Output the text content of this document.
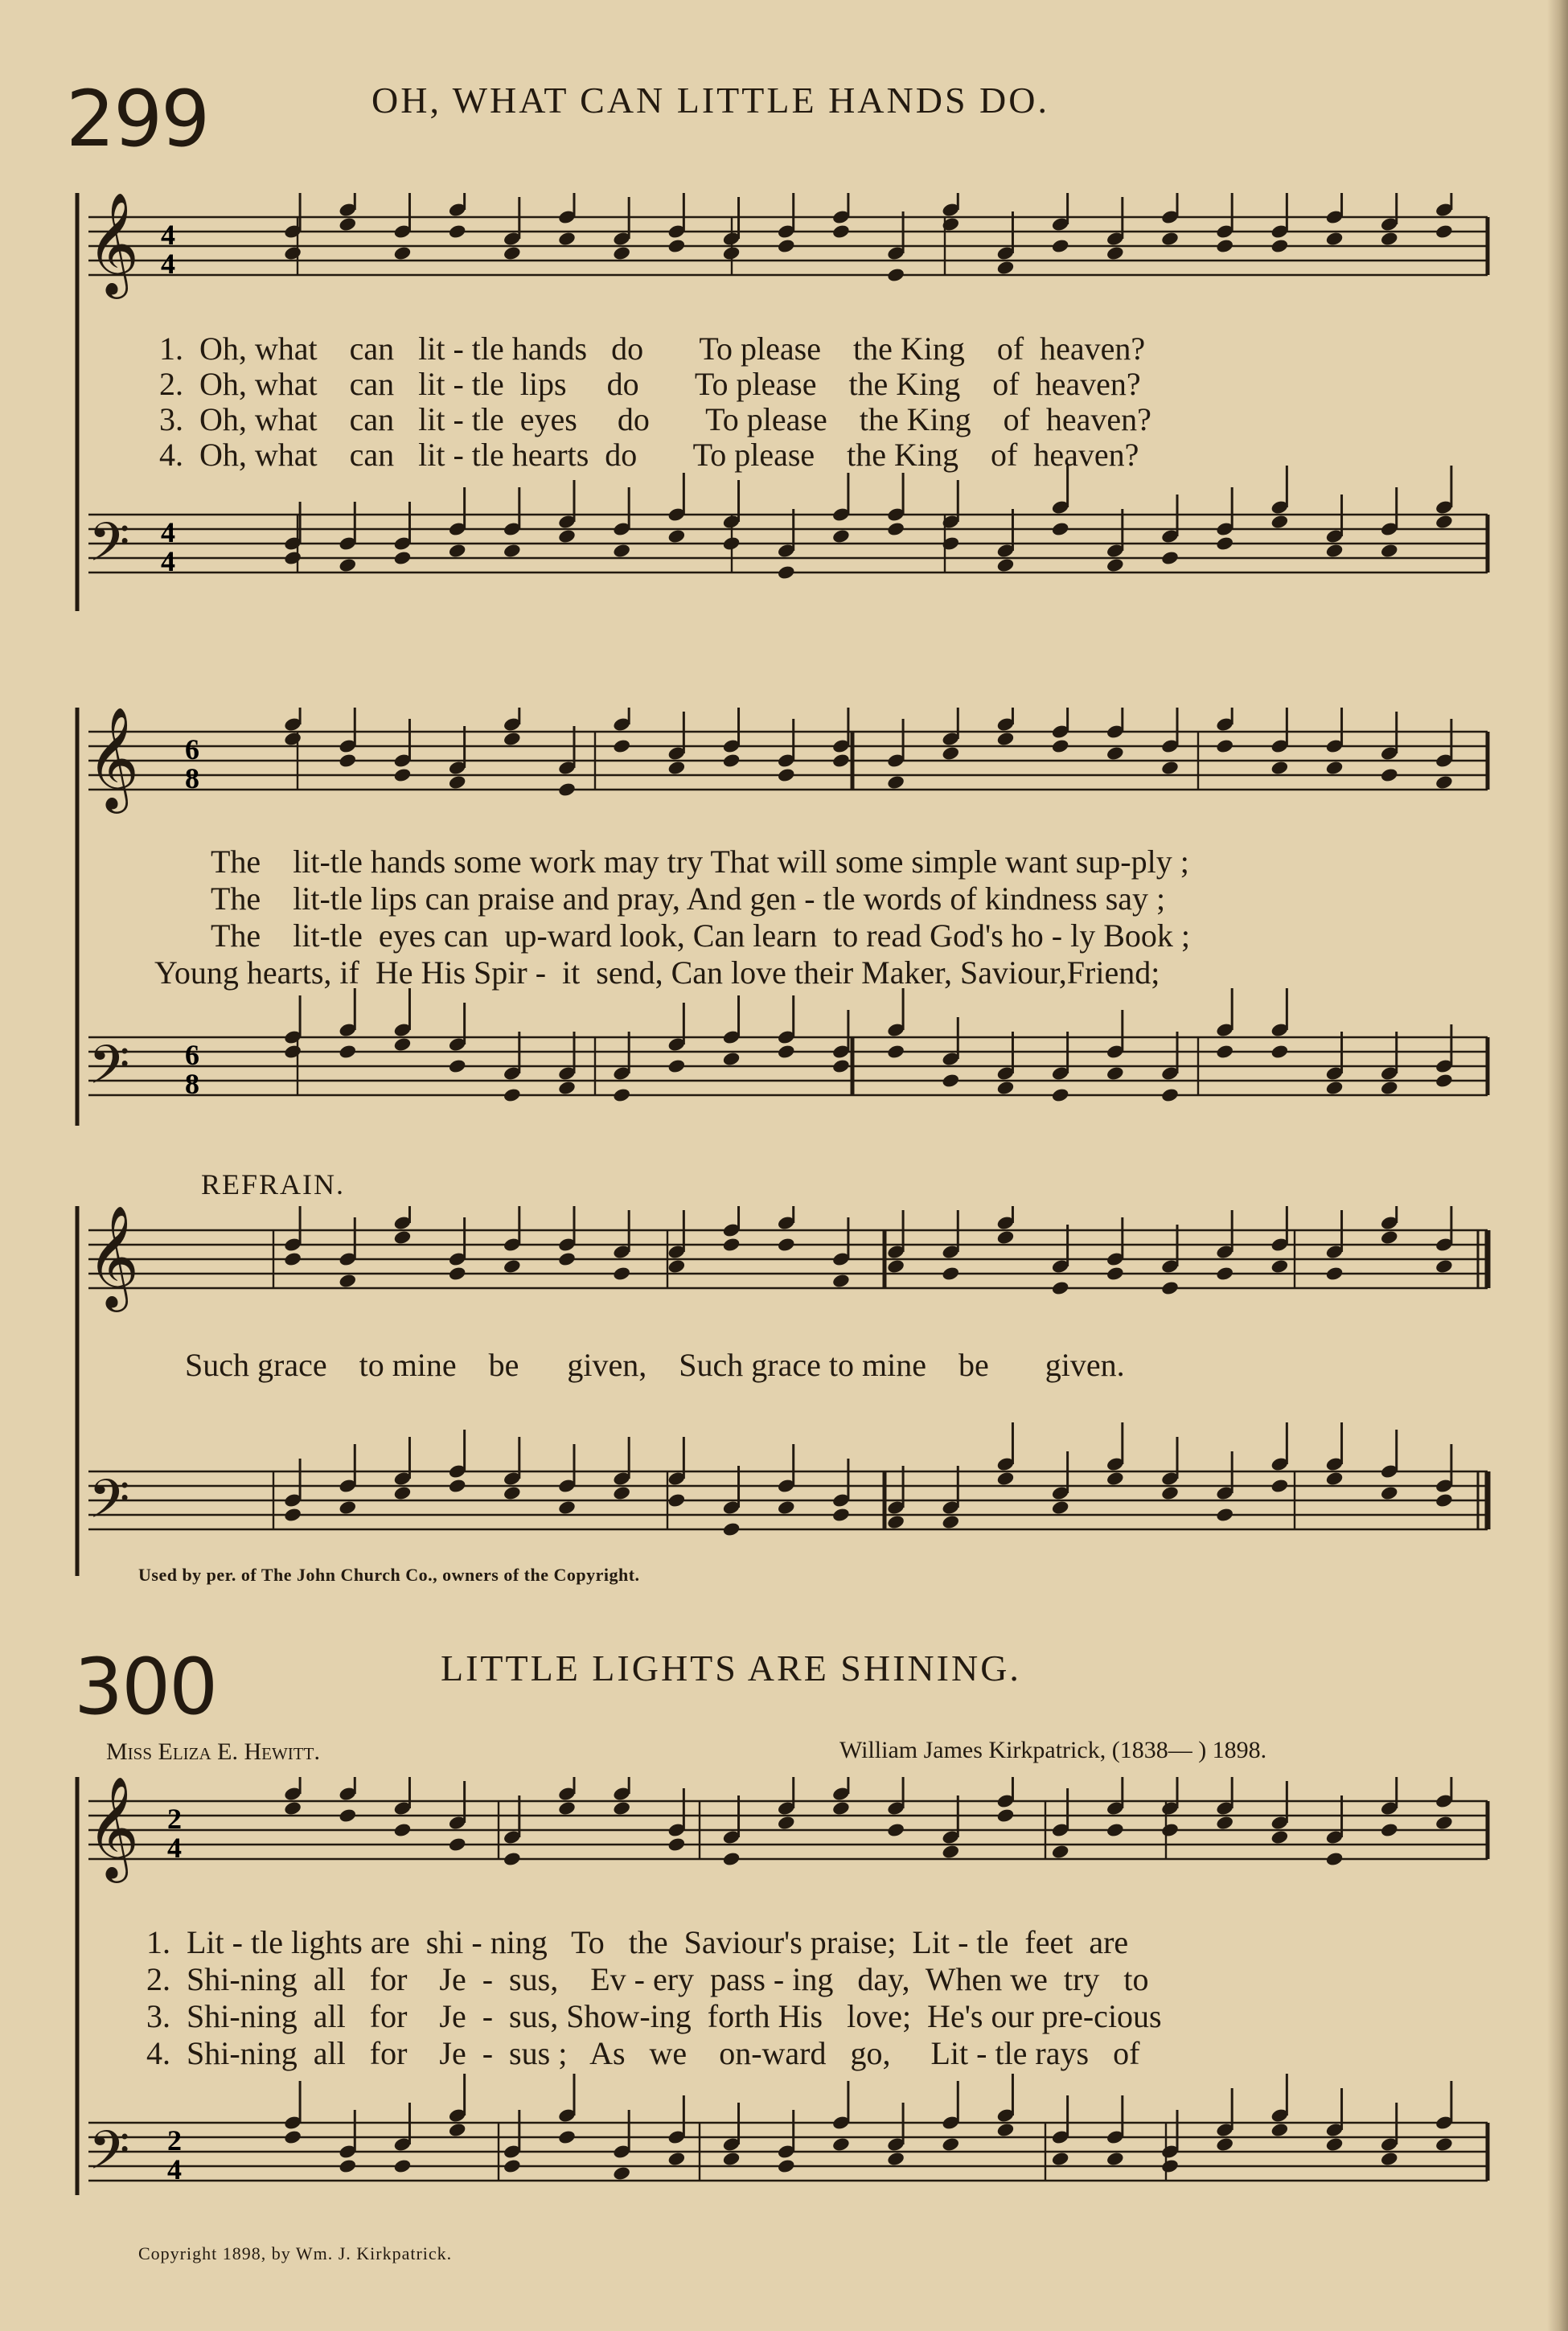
299	OH, WHAT CAN LITTLE HANDS DO.
𝄞
𝄢
4
4
4
4
1.  Oh, what    can   lit - tle hands   do       To please    the King    of  heaven?
2.  Oh, what    can   lit - tle  lips     do       To please    the King    of  heaven?
3.  Oh, what    can   lit - tle  eyes     do       To please    the King    of  heaven?
4.  Oh, what    can   lit - tle hearts  do       To please    the King    of  heaven?
𝄞
𝄢
6
8
6
8
The    lit-tle hands some work may try That will some simple want sup-ply ;
The    lit-tle lips can praise and pray, And gen - tle words of kindness say ;
The    lit-tle  eyes can  up-ward look, Can learn  to read God's ho - ly Book ;
Young hearts, if  He His Spir -  it  send, Can love their Maker, Saviour,Friend;
REFRAIN.
𝄞
𝄢
Such grace    to mine    be      given,    Such grace to mine    be       given.
Used by per. of The John Church Co., owners of the Copyright.
300	LITTLE LIGHTS ARE SHINING.
Miss Eliza E. Hewitt.	William James Kirkpatrick, (1838— ) 1898.
𝄞
𝄢
2
4
2
4
1.  Lit - tle lights are  shi - ning   To   the  Saviour's praise;  Lit - tle  feet  are
2.  Shi-ning  all   for    Je  -  sus,    Ev - ery  pass - ing   day,  When we  try   to
3.  Shi-ning  all   for    Je  -  sus, Show-ing  forth His   love;  He's our pre-cious
4.  Shi-ning  all   for    Je  -  sus ;   As   we    on-ward   go,     Lit - tle rays   of
Copyright 1898, by Wm. J. Kirkpatrick.
